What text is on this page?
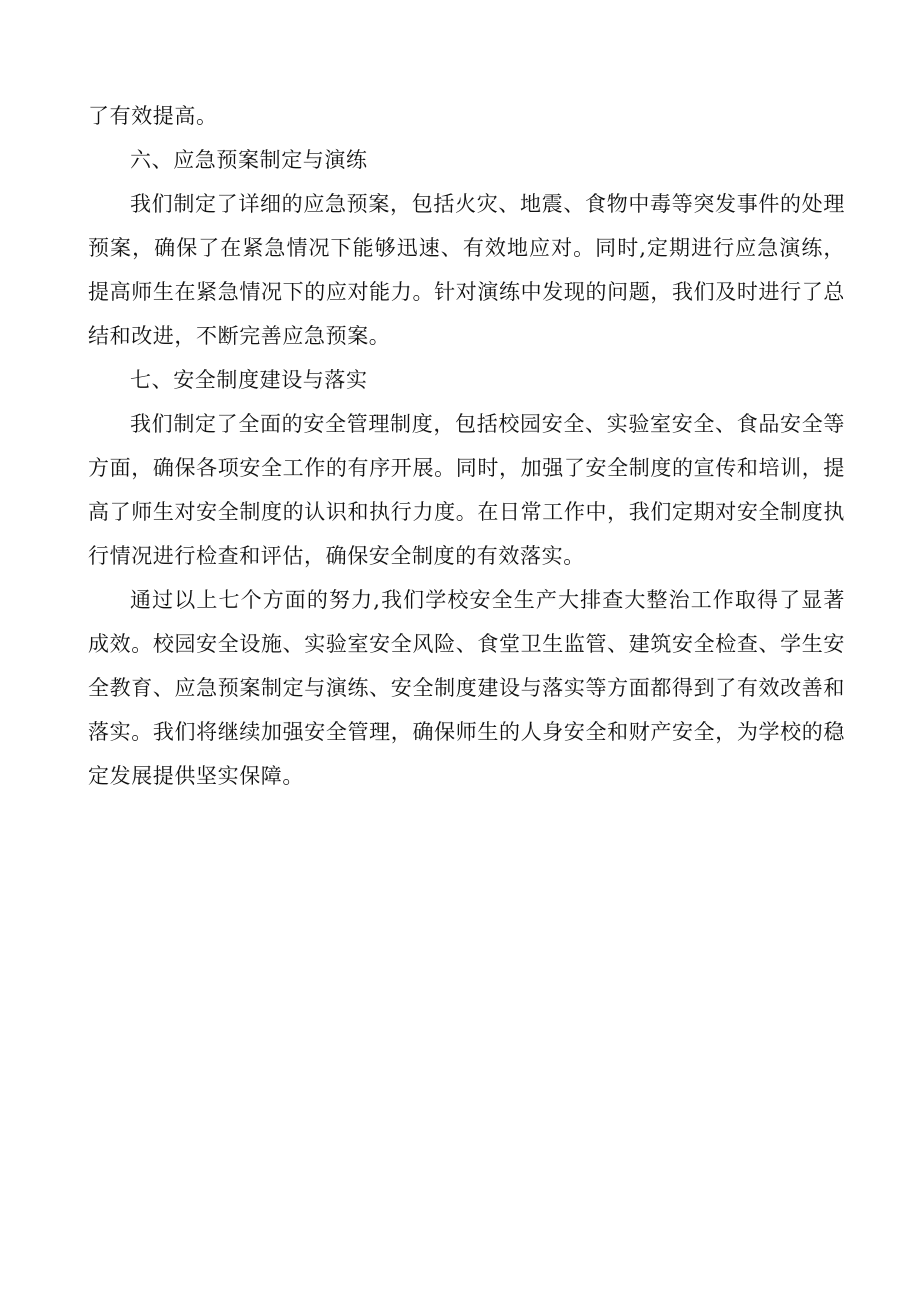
了有效提高。

六、应急预案制定与演练

我们制定了详细的应急预案，包括火灾、地震、食物中毒等突发事件的处理预案，确保了在紧急情况下能够迅速、有效地应对。同时,定期进行应急演练，提高师生在紧急情况下的应对能力。针对演练中发现的问题，我们及时进行了总结和改进，不断完善应急预案。

七、安全制度建设与落实

我们制定了全面的安全管理制度，包括校园安全、实验室安全、食品安全等方面，确保各项安全工作的有序开展。同时，加强了安全制度的宣传和培训，提高了师生对安全制度的认识和执行力度。在日常工作中，我们定期对安全制度执行情况进行检查和评估，确保安全制度的有效落实。

通过以上七个方面的努力,我们学校安全生产大排查大整治工作取得了显著成效。校园安全设施、实验室安全风险、食堂卫生监管、建筑安全检查、学生安全教育、应急预案制定与演练、安全制度建设与落实等方面都得到了有效改善和落实。我们将继续加强安全管理，确保师生的人身安全和财产安全，为学校的稳定发展提供坚实保障。
